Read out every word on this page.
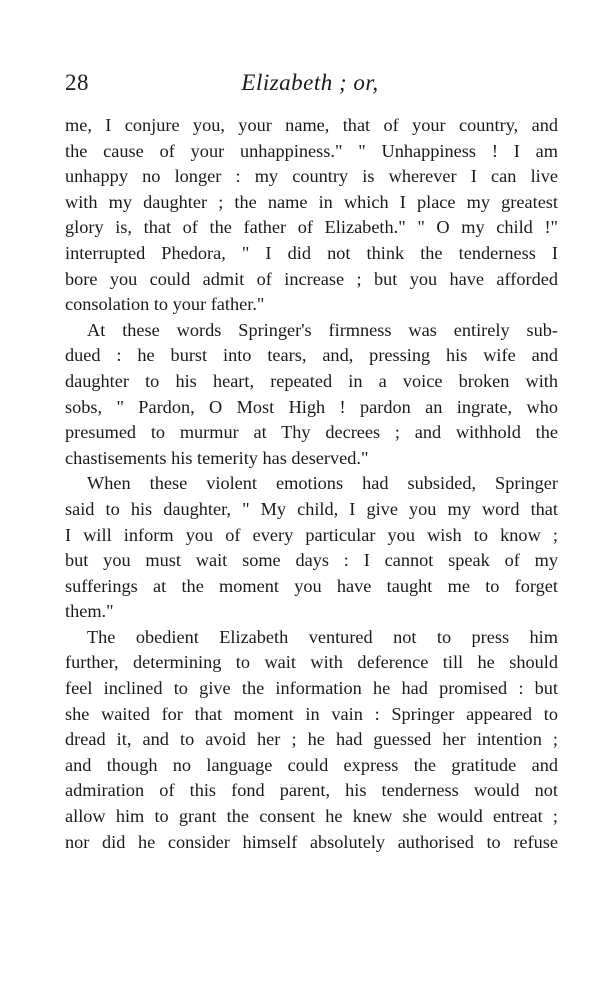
28	Elizabeth ; or,
me, I conjure you, your name, that of your country, and
the cause of your unhappiness." " Unhappiness ! I am
unhappy no longer : my country is wherever I can live
with my daughter ; the name in which I place my greatest
glory is, that of the father of Elizabeth." " O my child !"
interrupted Phedora, " I did not think the tenderness I
bore you could admit of increase ; but you have afforded
consolation to your father."
At these words Springer's firmness was entirely sub-
dued : he burst into tears, and, pressing his wife and
daughter to his heart, repeated in a voice broken with
sobs, " Pardon, O Most High ! pardon an ingrate, who
presumed to murmur at Thy decrees ; and withhold the
chastisements his temerity has deserved."
When these violent emotions had subsided, Springer
said to his daughter, " My child, I give you my word that
I will inform you of every particular you wish to know ;
but you must wait some days : I cannot speak of my
sufferings at the moment you have taught me to forget
them."
The obedient Elizabeth ventured not to press him
further, determining to wait with deference till he should
feel inclined to give the information he had promised : but
she waited for that moment in vain : Springer appeared to
dread it, and to avoid her ; he had guessed her intention ;
and though no language could express the gratitude and
admiration of this fond parent, his tenderness would not
allow him to grant the consent he knew she would entreat ;
nor did he consider himself absolutely authorised to refuse
